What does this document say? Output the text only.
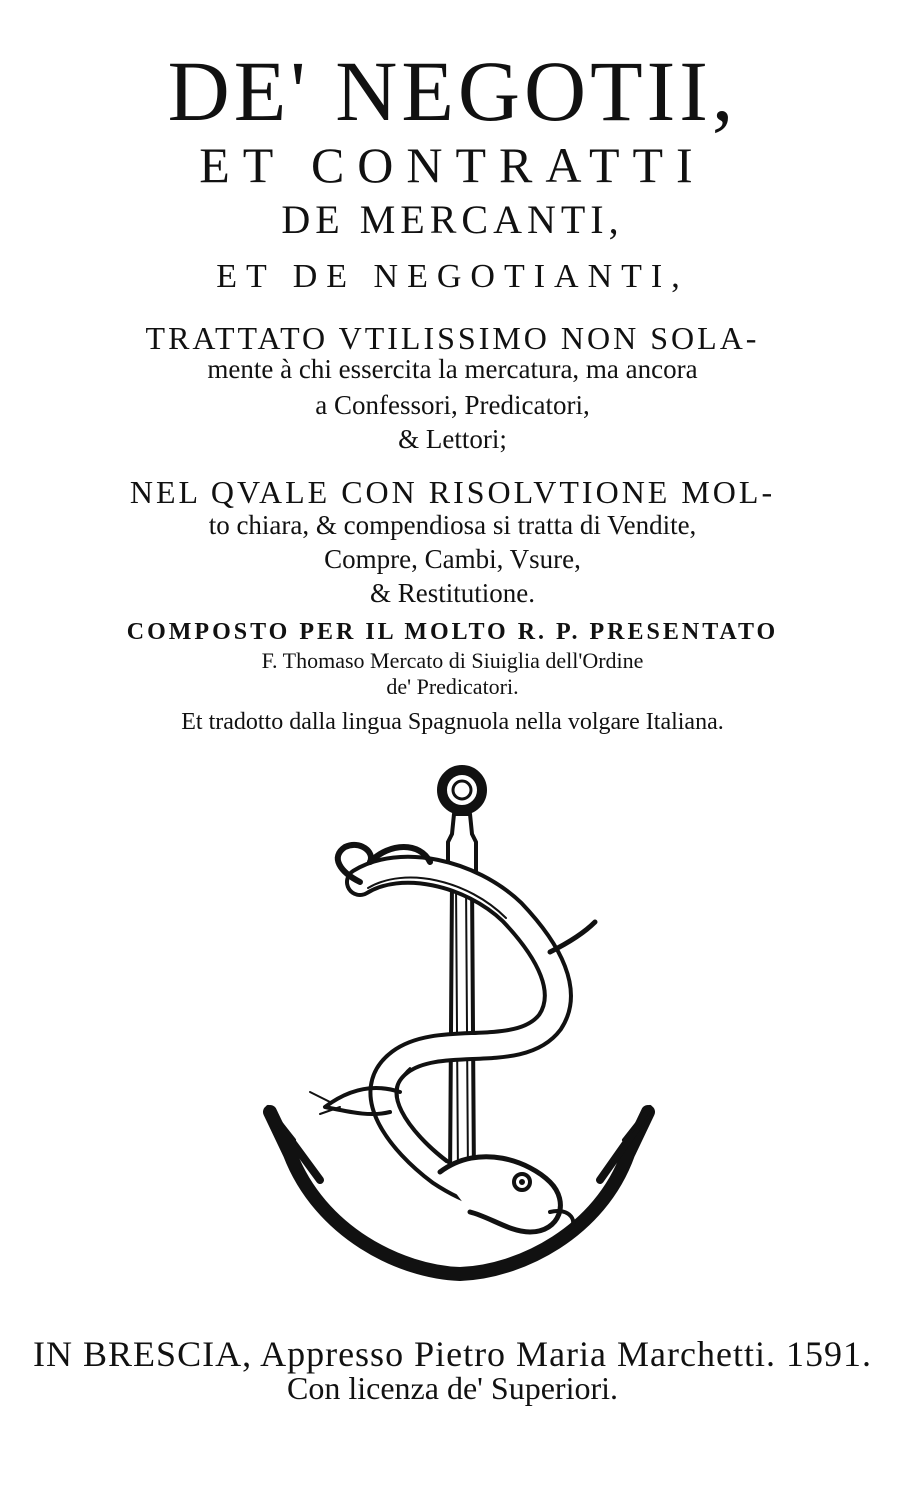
DE' NEGOTII,
ET CONTRATTI
DE MERCANTI,
ET DE NEGOTIANTI,
TRATTATO VTILISSIMO NON SOLA-
mente à chi essercita la mercatura, ma ancora
a Confessori, Predicatori,
& Lettori;
NEL QVALE CON RISOLVTIONE MOL-
to chiara, & compendiosa si tratta di Vendite,
Compre, Cambi, Vsure,
& Restitutione.
COMPOSTO PER IL MOLTO R. P. PRESENTATO
F. Thomaso Mercato di Siuiglia dell'Ordine
de' Predicatori.
Et tradotto dalla lingua Spagnuola nella volgare Italiana.
IN BRESCIA, Appresso Pietro Maria Marchetti. 1591.
Con licenza de' Superiori.
